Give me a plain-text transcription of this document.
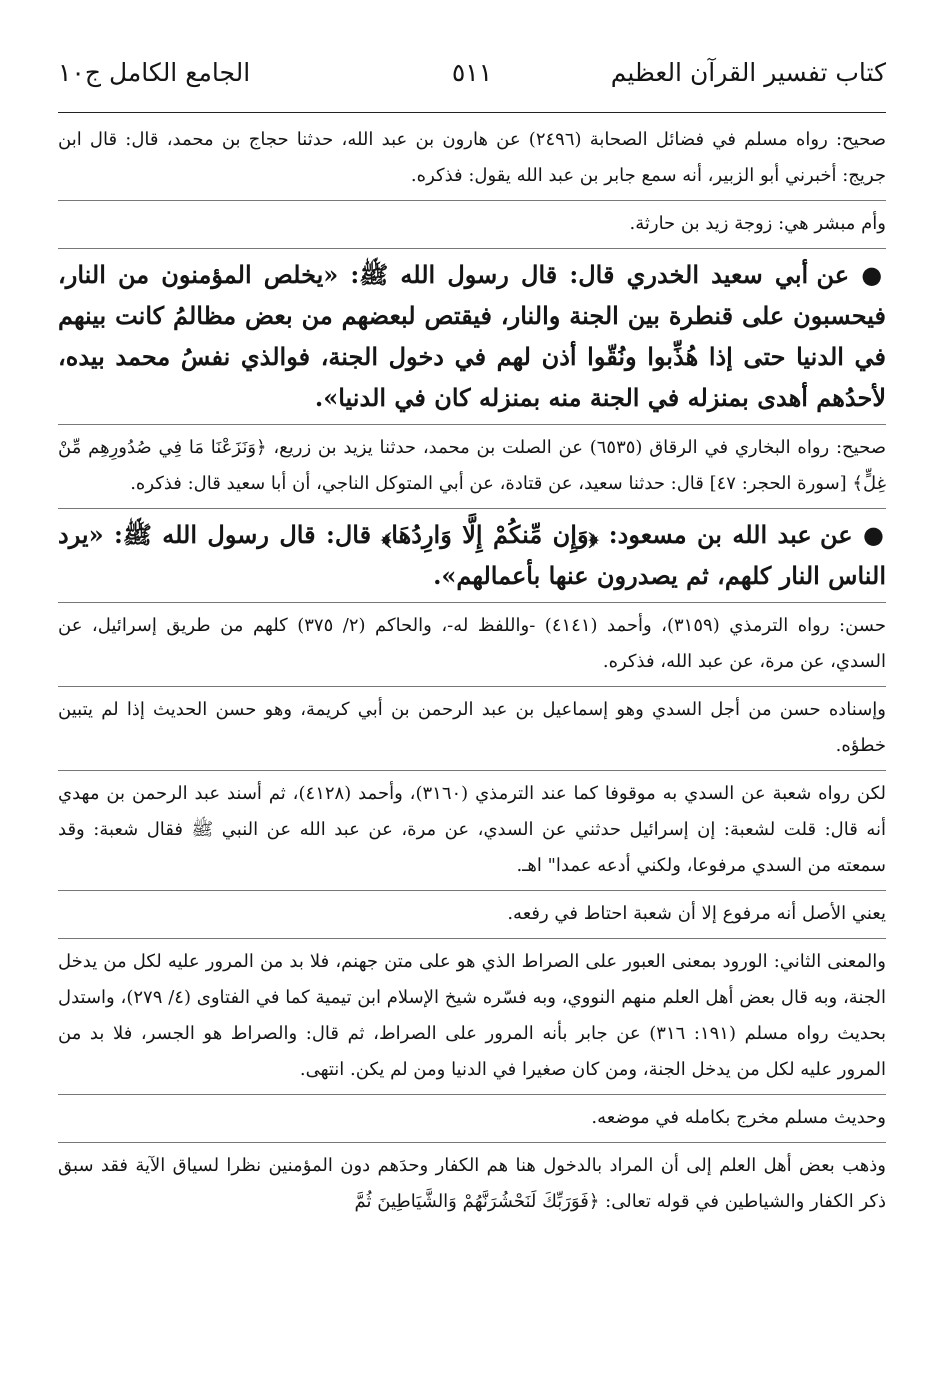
كتاب تفسير القرآن العظيم
٥١١
الجامع الكامل ج١٠

صحيح: رواه مسلم في فضائل الصحابة (٢٤٩٦) عن هارون بن عبد الله، حدثنا حجاج بن محمد، قال: قال ابن جريج: أخبرني أبو الزبير، أنه سمع جابر بن عبد الله يقول: فذكره.

وأم مبشر هي: زوجة زيد بن حارثة.

● عن أبي سعيد الخدري قال: قال رسول الله ﷺ: «يخلص المؤمنون من النار، فيحسبون على قنطرة بين الجنة والنار، فيقتص لبعضهم من بعض مظالمُ كانت بينهم في الدنيا حتى إذا هُذِّبوا ونُقّوا أذن لهم في دخول الجنة، فوالذي نفسُ محمد بيده، لأحدُهم أهدى بمنزله في الجنة منه بمنزله كان في الدنيا».

صحيح: رواه البخاري في الرقاق (٦٥٣٥) عن الصلت بن محمد، حدثنا يزيد بن زريع، ﴿وَنَزَعْنَا مَا فِي صُدُورِهِم مِّنْ غِلٍّ﴾ [سورة الحجر: ٤٧] قال: حدثنا سعيد، عن قتادة، عن أبي المتوكل الناجي، أن أبا سعيد قال: فذكره.

● عن عبد الله بن مسعود: ﴿وَإِن مِّنكُمْ إِلَّا وَارِدُهَا﴾ قال: قال رسول الله ﷺ: «يرد الناس النار كلهم، ثم يصدرون عنها بأعمالهم».

حسن: رواه الترمذي (٣١٥٩)، وأحمد (٤١٤١) -واللفظ له-، والحاكم (٢/ ٣٧٥) كلهم من طريق إسرائيل، عن السدي، عن مرة، عن عبد الله، فذكره.

وإسناده حسن من أجل السدي وهو إسماعيل بن عبد الرحمن بن أبي كريمة، وهو حسن الحديث إذا لم يتبين خطؤه.

لكن رواه شعبة عن السدي به موقوفا كما عند الترمذي (٣١٦٠)، وأحمد (٤١٢٨)، ثم أسند عبد الرحمن بن مهدي أنه قال: قلت لشعبة: إن إسرائيل حدثني عن السدي، عن مرة، عن عبد الله عن النبي ﷺ فقال شعبة: وقد سمعته من السدي مرفوعا، ولكني أدعه عمدا" اهـ.

يعني الأصل أنه مرفوع إلا أن شعبة احتاط في رفعه.

والمعنى الثاني: الورود بمعنى العبور على الصراط الذي هو على متن جهنم، فلا بد من المرور عليه لكل من يدخل الجنة، وبه قال بعض أهل العلم منهم النووي، وبه فسّره شيخ الإسلام ابن تيمية كما في الفتاوى (٤/ ٢٧٩)، واستدل بحديث رواه مسلم (١٩١: ٣١٦) عن جابر بأنه المرور على الصراط، ثم قال: والصراط هو الجسر، فلا بد من المرور عليه لكل من يدخل الجنة، ومن كان صغيرا في الدنيا ومن لم يكن. انتهى.

وحديث مسلم مخرج بكامله في موضعه.

وذهب بعض أهل العلم إلى أن المراد بالدخول هنا هم الكفار وحدَهم دون المؤمنين نظرا لسياق الآية فقد سبق ذكر الكفار والشياطين في قوله تعالى: ﴿فَوَرَبِّكَ لَنَحْشُرَنَّهُمْ وَالشَّيَاطِينَ ثُمَّ
